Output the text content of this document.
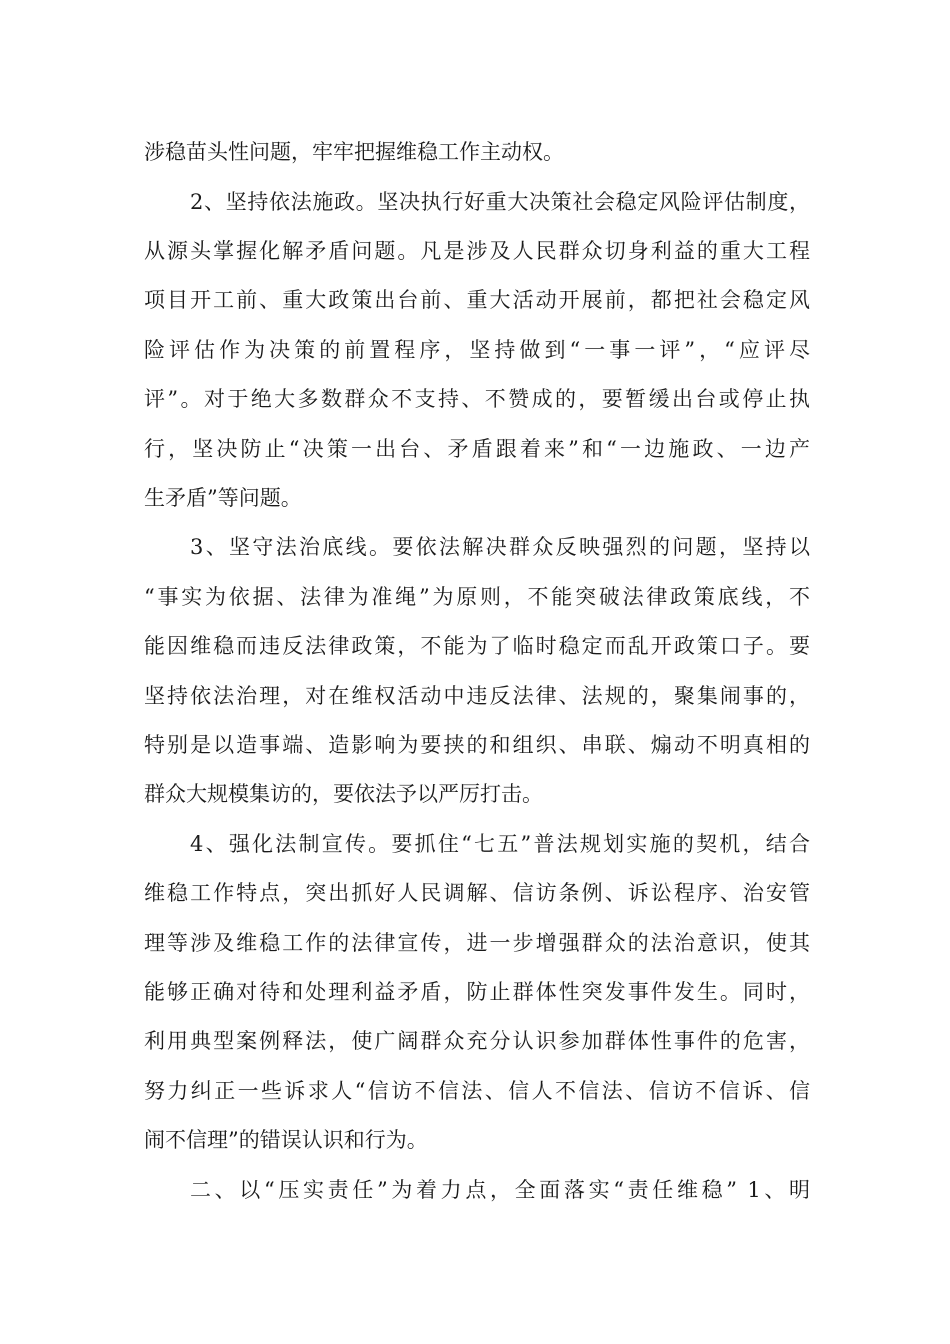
涉稳苗头性问题，牢牢把握维稳工作主动权。
2、坚持依法施政。坚决执行好重大决策社会稳定风险评估制度，
从源头掌握化解矛盾问题。凡是涉及人民群众切身利益的重大工程
项目开工前、重大政策出台前、重大活动开展前，都把社会稳定风
险评估作为决策的前置程序，坚持做到“一事一评”，“应评尽
评”。对于绝大多数群众不支持、不赞成的，要暂缓出台或停止执
行，坚决防止“决策一出台、矛盾跟着来”和“一边施政、一边产
生矛盾”等问题。
3、坚守法治底线。要依法解决群众反映强烈的问题，坚持以
“事实为依据、法律为准绳”为原则，不能突破法律政策底线，不
能因维稳而违反法律政策，不能为了临时稳定而乱开政策口子。要
坚持依法治理，对在维权活动中违反法律、法规的，聚集闹事的，
特别是以造事端、造影响为要挟的和组织、串联、煽动不明真相的
群众大规模集访的，要依法予以严厉打击。
4、强化法制宣传。要抓住“七五”普法规划实施的契机，结合
维稳工作特点，突出抓好人民调解、信访条例、诉讼程序、治安管
理等涉及维稳工作的法律宣传，进一步增强群众的法治意识，使其
能够正确对待和处理利益矛盾，防止群体性突发事件发生。同时，
利用典型案例释法，使广阔群众充分认识参加群体性事件的危害，
努力纠正一些诉求人“信访不信法、信人不信法、信访不信诉、信
闹不信理”的错误认识和行为。
二、以“压实责任”为着力点，全面落实“责任维稳” 1、明
